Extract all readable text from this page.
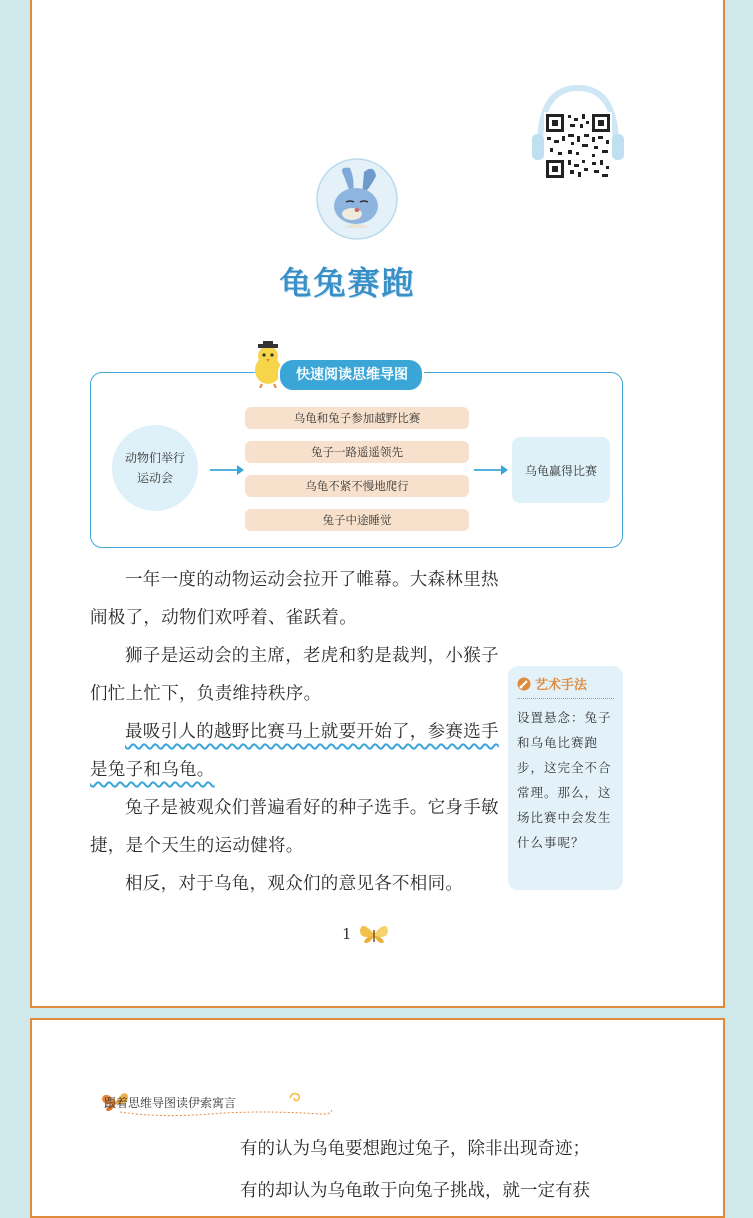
龟兔赛跑
快速阅读思维导图
动物们举行运动会
乌龟和兔子参加越野比赛
兔子一路遥遥领先
乌龟不紧不慢地爬行
兔子中途睡觉
乌龟赢得比赛
一年一度的动物运动会拉开了帷幕。大森林里热闹极了，动物们欢呼着、雀跃着。
狮子是运动会的主席，老虎和豹是裁判，小猴子们忙上忙下，负责维持秩序。
最吸引人的越野比赛马上就要开始了，参赛选手是兔子和乌龟。
兔子是被观众们普遍看好的种子选手。它身手敏捷，是个天生的运动健将。
相反，对于乌龟，观众们的意见各不相同。
艺术手法
设置悬念：兔子和乌龟比赛跑步，这完全不合常理。那么，这场比赛中会发生什么事呢？
1
跟着思维导图读伊索寓言
有的认为乌龟要想跑过兔子，除非出现奇迹；
有的却认为乌龟敢于向兔子挑战，就一定有获
